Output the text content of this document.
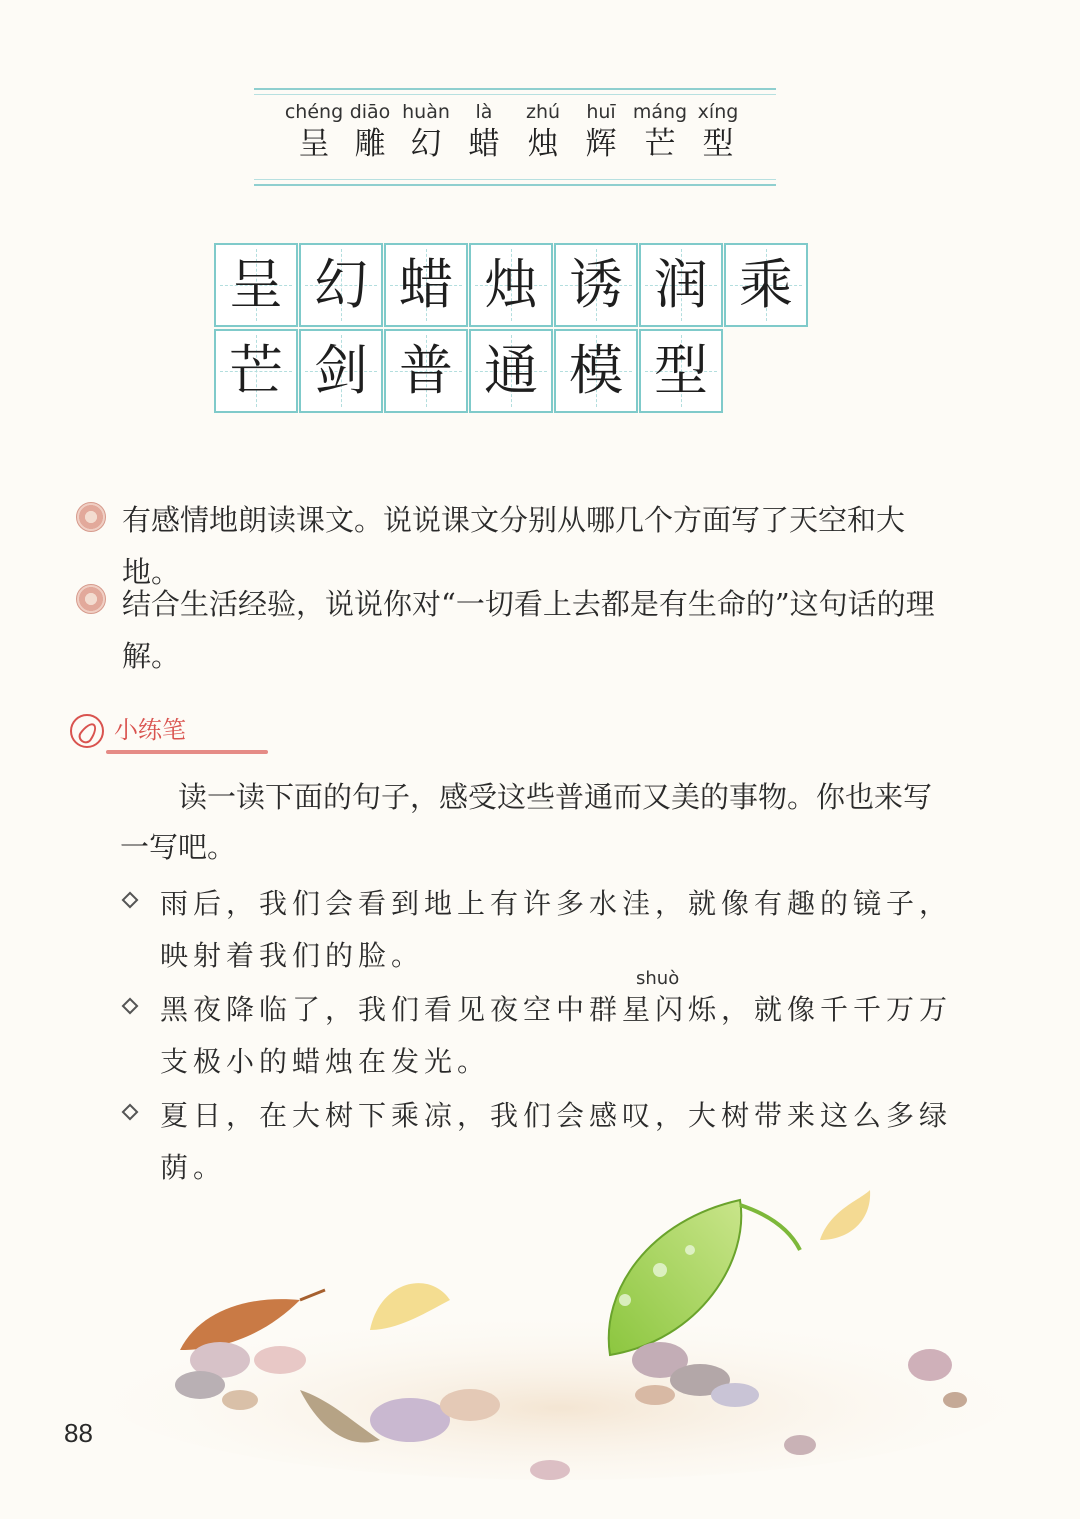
chéng
呈
diāo
雕
huàn
幻
là
蜡
zhú
烛
huī
辉
máng
芒
xíng
型
呈 幻 蜡 烛 诱 润 乘
芒 剑 普 通 模 型
有感情地朗读课文。说说课文分别从哪几个方面写了天空和大地。
结合生活经验，说说你对“一切看上去都是有生命的”这句话的理解。
小练笔
读一读下面的句子，感受这些普通而又美的事物。你也来写一写吧。
雨后，我们会看到地上有许多水洼，就像有趣的镜子，映射着我们的脸。
shuò
黑夜降临了，我们看见夜空中群星闪烁，就像千千万万支极小的蜡烛在发光。
夏日，在大树下乘凉，我们会感叹，大树带来这么多绿荫。
88
